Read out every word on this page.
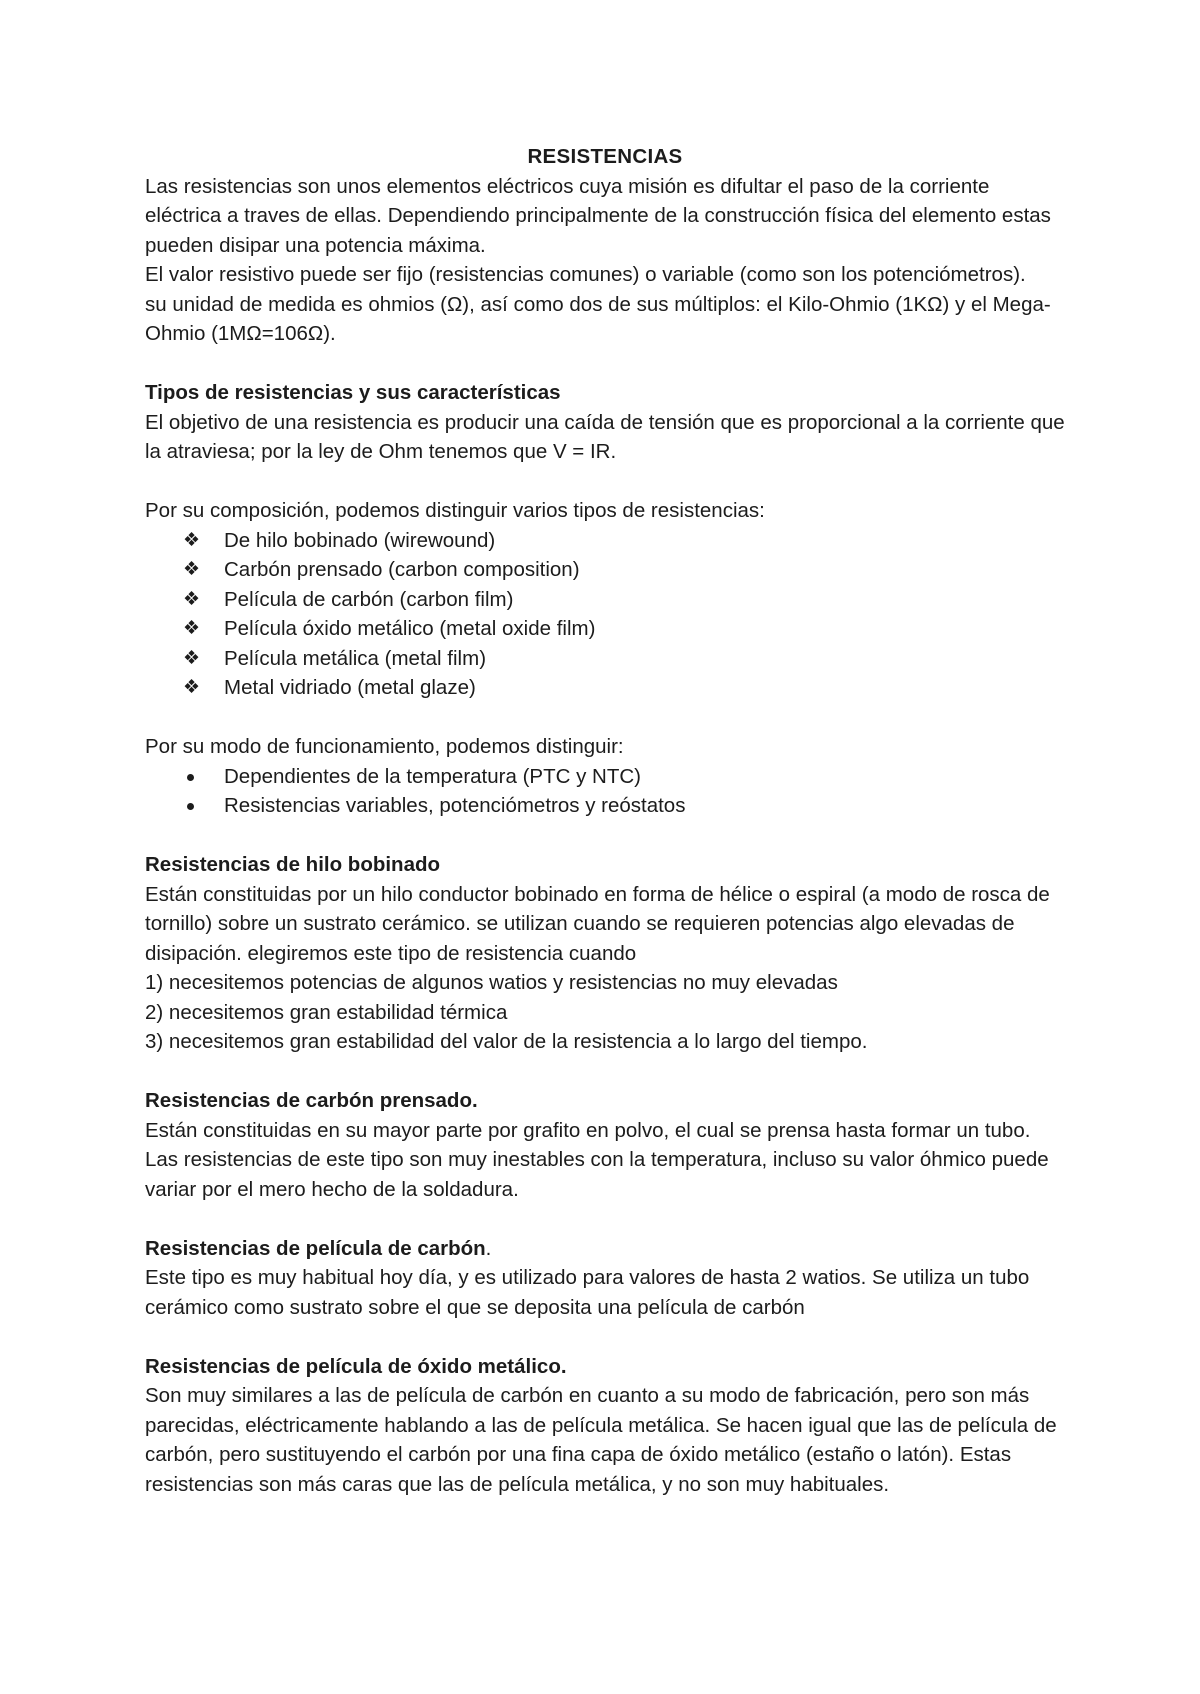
RESISTENCIAS

Las resistencias son unos elementos eléctricos cuya misión es difultar el paso de la corriente eléctrica a traves de ellas. Dependiendo principalmente de la construcción física del elemento estas pueden disipar una potencia máxima.

El valor resistivo puede ser fijo (resistencias comunes) o variable (como son los potenciómetros).

su unidad de medida es ohmios (Ω), así como dos de sus múltiplos: el Kilo-Ohmio (1KΩ) y el Mega-Ohmio (1MΩ=106Ω).

Tipos de resistencias y sus características

El objetivo de una resistencia es producir una caída de tensión que es proporcional a la corriente que la atraviesa; por la ley de Ohm tenemos que V = IR.

Por su composición, podemos distinguir varios tipos de resistencias:

❖ De hilo bobinado (wirewound)
❖ Carbón prensado (carbon composition)
❖ Película de carbón (carbon film)
❖ Película óxido metálico (metal oxide film)
❖ Película metálica (metal film)
❖ Metal vidriado (metal glaze)

Por su modo de funcionamiento, podemos distinguir:

Dependientes de la temperatura (PTC y NTC)
Resistencias variables, potenciómetros y reóstatos
Resistencias de hilo bobinado

Están constituidas por un hilo conductor bobinado en forma de hélice o espiral (a modo de rosca de tornillo) sobre un sustrato cerámico. se utilizan cuando se requieren potencias algo elevadas de disipación. elegiremos este tipo de resistencia cuando

1) necesitemos potencias de algunos watios y resistencias no muy elevadas

2) necesitemos gran estabilidad térmica

3) necesitemos gran estabilidad del valor de la resistencia a lo largo del tiempo.

Resistencias de carbón prensado.

Están constituidas en su mayor parte por grafito en polvo, el cual se prensa hasta formar un tubo. Las resistencias de este tipo son muy inestables con la temperatura, incluso su valor óhmico puede variar por el mero hecho de la soldadura.

Resistencias de película de carbón.

Este tipo es muy habitual hoy día, y es utilizado para valores de hasta 2 watios. Se utiliza un tubo cerámico como sustrato sobre el que se deposita una película de carbón

Resistencias de película de óxido metálico.

Son muy similares a las de película de carbón en cuanto a su modo de fabricación, pero son más parecidas, eléctricamente hablando a las de película metálica. Se hacen igual que las de película de carbón, pero sustituyendo el carbón por una fina capa de óxido metálico (estaño o latón). Estas resistencias son más caras que las de película metálica, y no son muy habituales.
